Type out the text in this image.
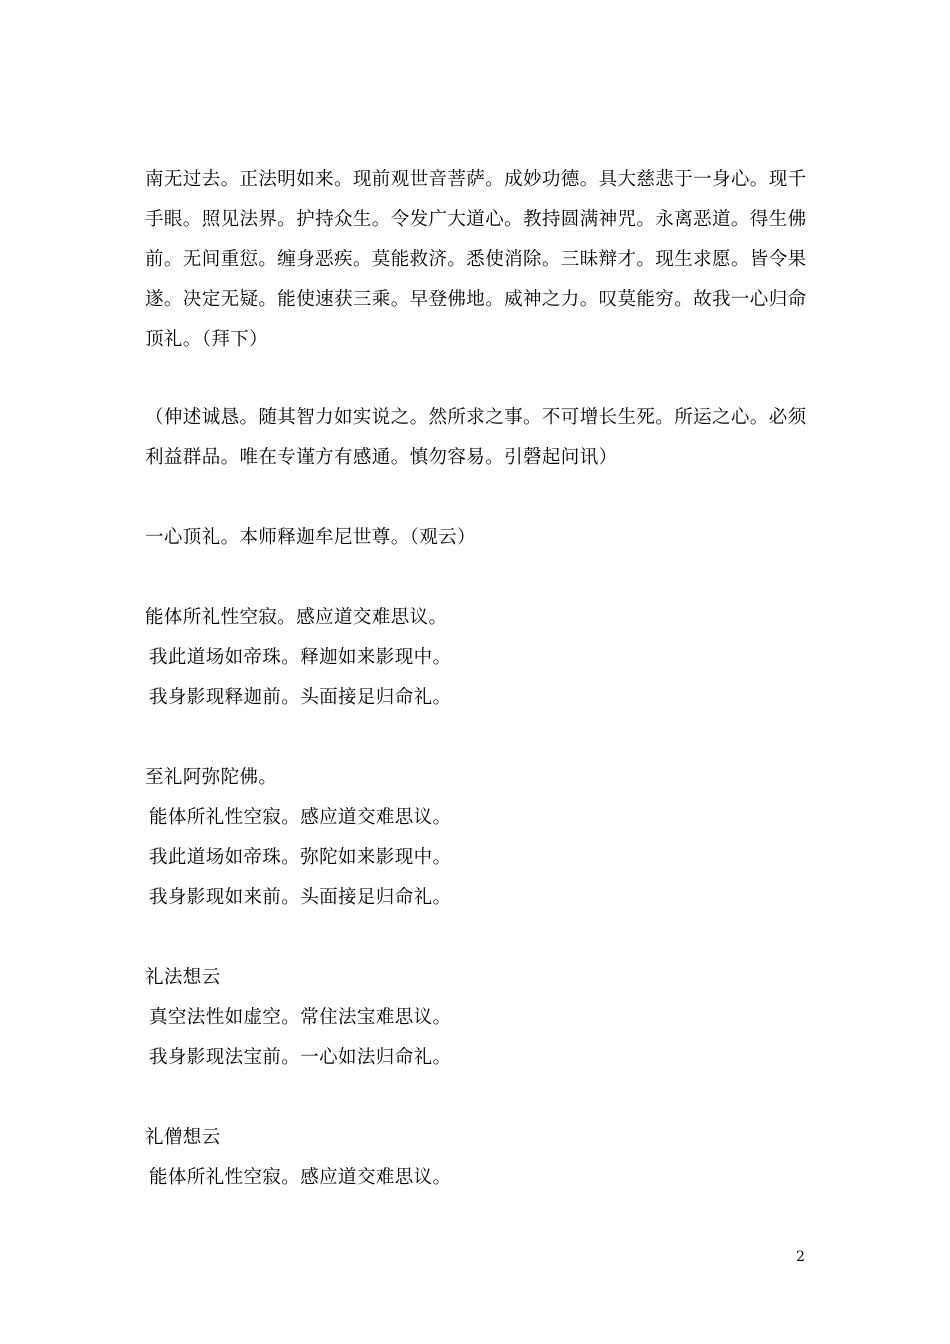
南无过去。正法明如来。现前观世音菩萨。成妙功德。具大慈悲于一身心。现千
手眼。照见法界。护持众生。令发广大道心。教持圆满神咒。永离恶道。得生佛
前。无间重愆。缠身恶疾。莫能救济。悉使消除。三昧辩才。现生求愿。皆令果
遂。决定无疑。能使速获三乘。早登佛地。威神之力。叹莫能穷。故我一心归命
顶礼。（拜下）
（伸述诚恳。随其智力如实说之。然所求之事。不可增长生死。所运之心。必须
利益群品。唯在专谨方有感通。慎勿容易。引磬起问讯）
一心顶礼。本师释迦牟尼世尊。（观云）
能体所礼性空寂。感应道交难思议。
我此道场如帝珠。释迦如来影现中。
我身影现释迦前。头面接足归命礼。
至礼阿弥陀佛。
能体所礼性空寂。感应道交难思议。
我此道场如帝珠。弥陀如来影现中。
我身影现如来前。头面接足归命礼。
礼法想云
真空法性如虚空。常住法宝难思议。
我身影现法宝前。一心如法归命礼。
礼僧想云
能体所礼性空寂。感应道交难思议。
2
